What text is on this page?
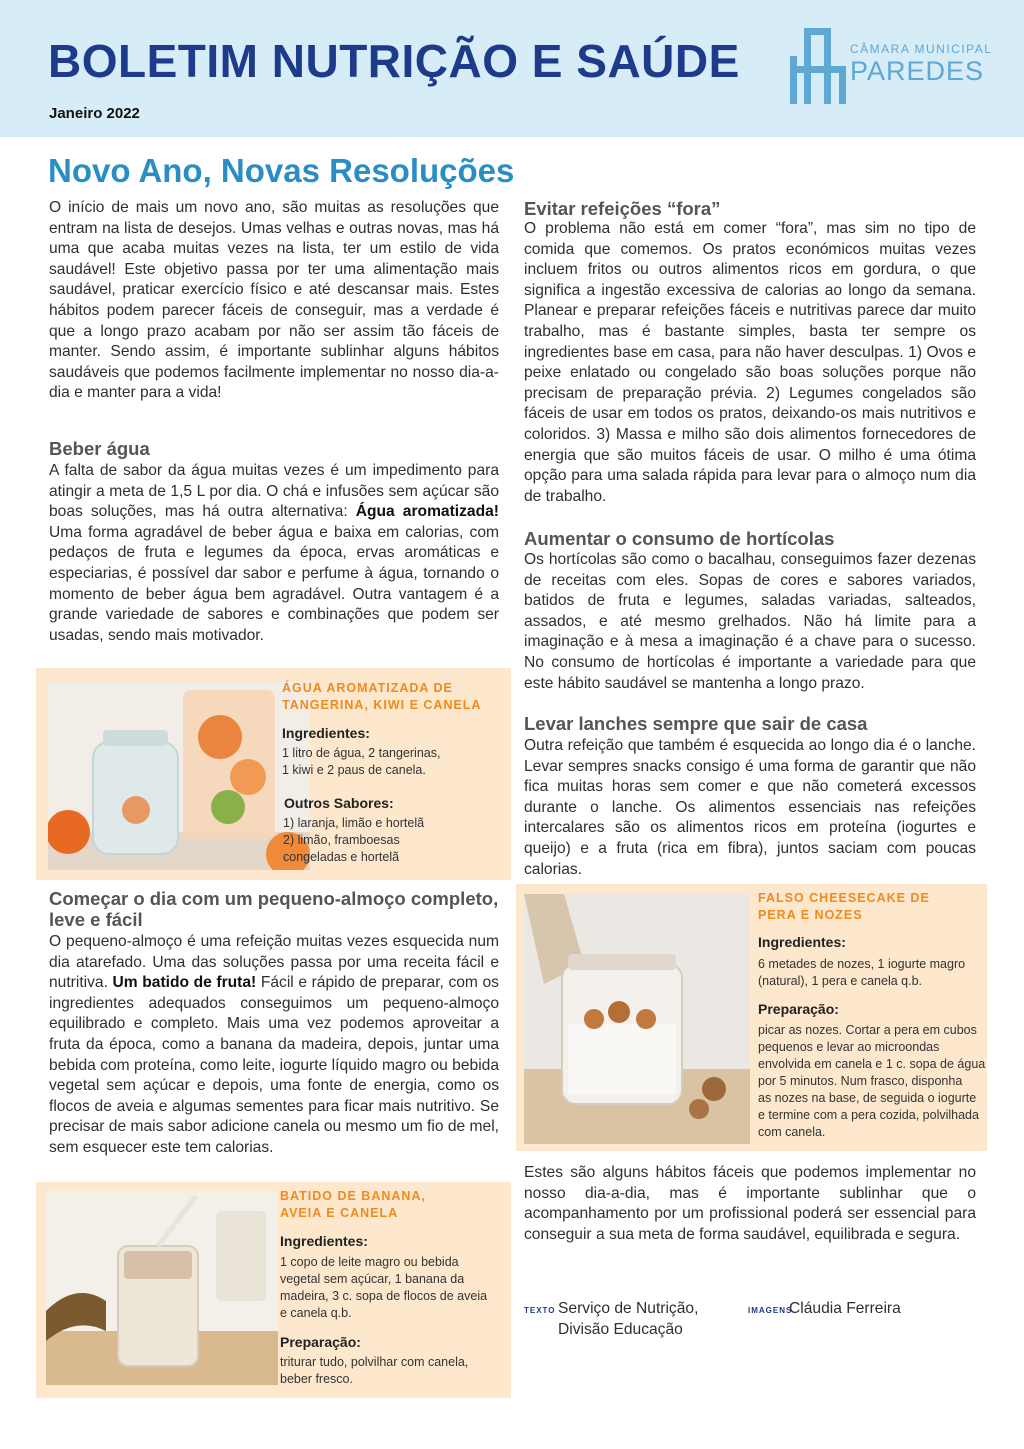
BOLETIM NUTRIÇÃO E SAÚDE
Janeiro 2022
CÂMARA MUNICIPAL
PAREDES
Novo Ano, Novas Resoluções

O início de mais um novo ano, são muitas as resoluções que entram na lista de desejos. Umas velhas e outras novas, mas há uma que acaba muitas vezes na lista, ter um estilo de vida saudável! Este objetivo passa por ter uma alimentação mais saudável, praticar exercício físico e até descansar mais. Estes hábitos podem parecer fáceis de conseguir, mas a verdade é que a longo prazo acabam por não ser assim tão fáceis de manter. Sendo assim, é importante sublinhar alguns hábitos saudáveis que podemos facilmente implementar no nosso dia-a-dia e manter para a vida!

Beber água

A falta de sabor da água muitas vezes é um impedimento para atingir a meta de 1,5 L por dia. O chá e infusões sem açúcar são boas soluções, mas há outra alternativa: Água aromatizada! Uma forma agradável de beber água e baixa em calorias, com pedaços de fruta e legumes da época, ervas aromáticas e especiarias, é possível dar sabor e perfume à água, tornando o momento de beber água bem agradável. Outra vantagem é a grande variedade de sabores e combinações que podem ser usadas, sendo mais motivador.

ÁGUA AROMATIZADA DE
TANGERINA, KIWI E CANELA
Ingredientes:
1 litro de água, 2 tangerinas,
1 kiwi e 2 paus de canela.
Outros Sabores:
1) laranja, limão e hortelã
2) limão, framboesas
congeladas e hortelã
Começar o dia com um pequeno-almoço completo, leve e fácil

O pequeno-almoço é uma refeição muitas vezes esquecida num dia atarefado. Uma das soluções passa por uma receita fácil e nutritiva. Um batido de fruta! Fácil e rápido de preparar, com os ingredientes adequados conseguimos um pequeno-almoço equilibrado e completo. Mais uma vez podemos aproveitar a fruta da época, como a banana da madeira, depois, juntar uma bebida com proteína, como leite, iogurte líquido magro ou bebida vegetal sem açúcar e depois, uma fonte de energia, como os flocos de aveia e algumas sementes para ficar mais nutritivo. Se precisar de mais sabor adicione canela ou mesmo um fio de mel, sem esquecer este tem calorias.

BATIDO DE BANANA,
AVEIA E CANELA
Ingredientes:
1 copo de leite magro ou bebida
vegetal sem açúcar, 1 banana da
madeira, 3 c. sopa de flocos de aveia
e canela q.b.
Preparação:
triturar tudo, polvilhar com canela,
beber fresco.
Evitar refeições “fora”

O problema não está em comer “fora”, mas sim no tipo de comida que comemos. Os pratos económicos muitas vezes incluem fritos ou outros alimentos ricos em gordura, o que significa a ingestão excessiva de calorias ao longo da semana. Planear e preparar refeições fáceis e nutritivas parece dar muito trabalho, mas é bastante simples, basta ter sempre os ingredientes base em casa, para não haver desculpas. 1) Ovos e peixe enlatado ou congelado são boas soluções porque não precisam de preparação prévia. 2) Legumes congelados são fáceis de usar em todos os pratos, deixando-os mais nutritivos e coloridos. 3) Massa e milho são dois alimentos fornecedores de energia que são muitos fáceis de usar. O milho é uma ótima opção para uma salada rápida para levar para o almoço num dia de trabalho.

Aumentar o consumo de hortícolas

Os hortícolas são como o bacalhau, conseguimos fazer dezenas de receitas com eles. Sopas de cores e sabores variados, batidos de fruta e legumes, saladas variadas, salteados, assados, e até mesmo grelhados. Não há limite para a imaginação e à mesa a imaginação é a chave para o sucesso. No consumo de hortícolas é importante a variedade para que este hábito saudável se mantenha a longo prazo.

Levar lanches sempre que sair de casa

Outra refeição que também é esquecida ao longo dia é o lanche. Levar sempres snacks consigo é uma forma de garantir que não fica muitas horas sem comer e que não cometerá excessos durante o lanche. Os alimentos essenciais nas refeições intercalares são os alimentos ricos em proteína (iogurtes e queijo) e a fruta (rica em fibra), juntos saciam com poucas calorias.

FALSO CHEESECAKE DE
PERA E NOZES
Ingredientes:
6 metades de nozes, 1 iogurte magro
(natural), 1 pera e canela q.b.
Preparação:
picar as nozes. Cortar a pera em cubos
pequenos e levar ao microondas
envolvida em canela e 1 c. sopa de água
por 5 minutos. Num frasco, disponha
as nozes na base, de seguida o iogurte
e termine com a pera cozida, polvilhada
com canela.

Estes são alguns hábitos fáceis que podemos implementar no nosso dia-a-dia, mas é importante sublinhar que o acompanhamento por um profissional poderá ser essencial para conseguir a sua meta de forma saudável, equilibrada e segura.

TEXTO Serviço de Nutrição,
Divisão Educação
IMAGENS
Cláudia Ferreira
